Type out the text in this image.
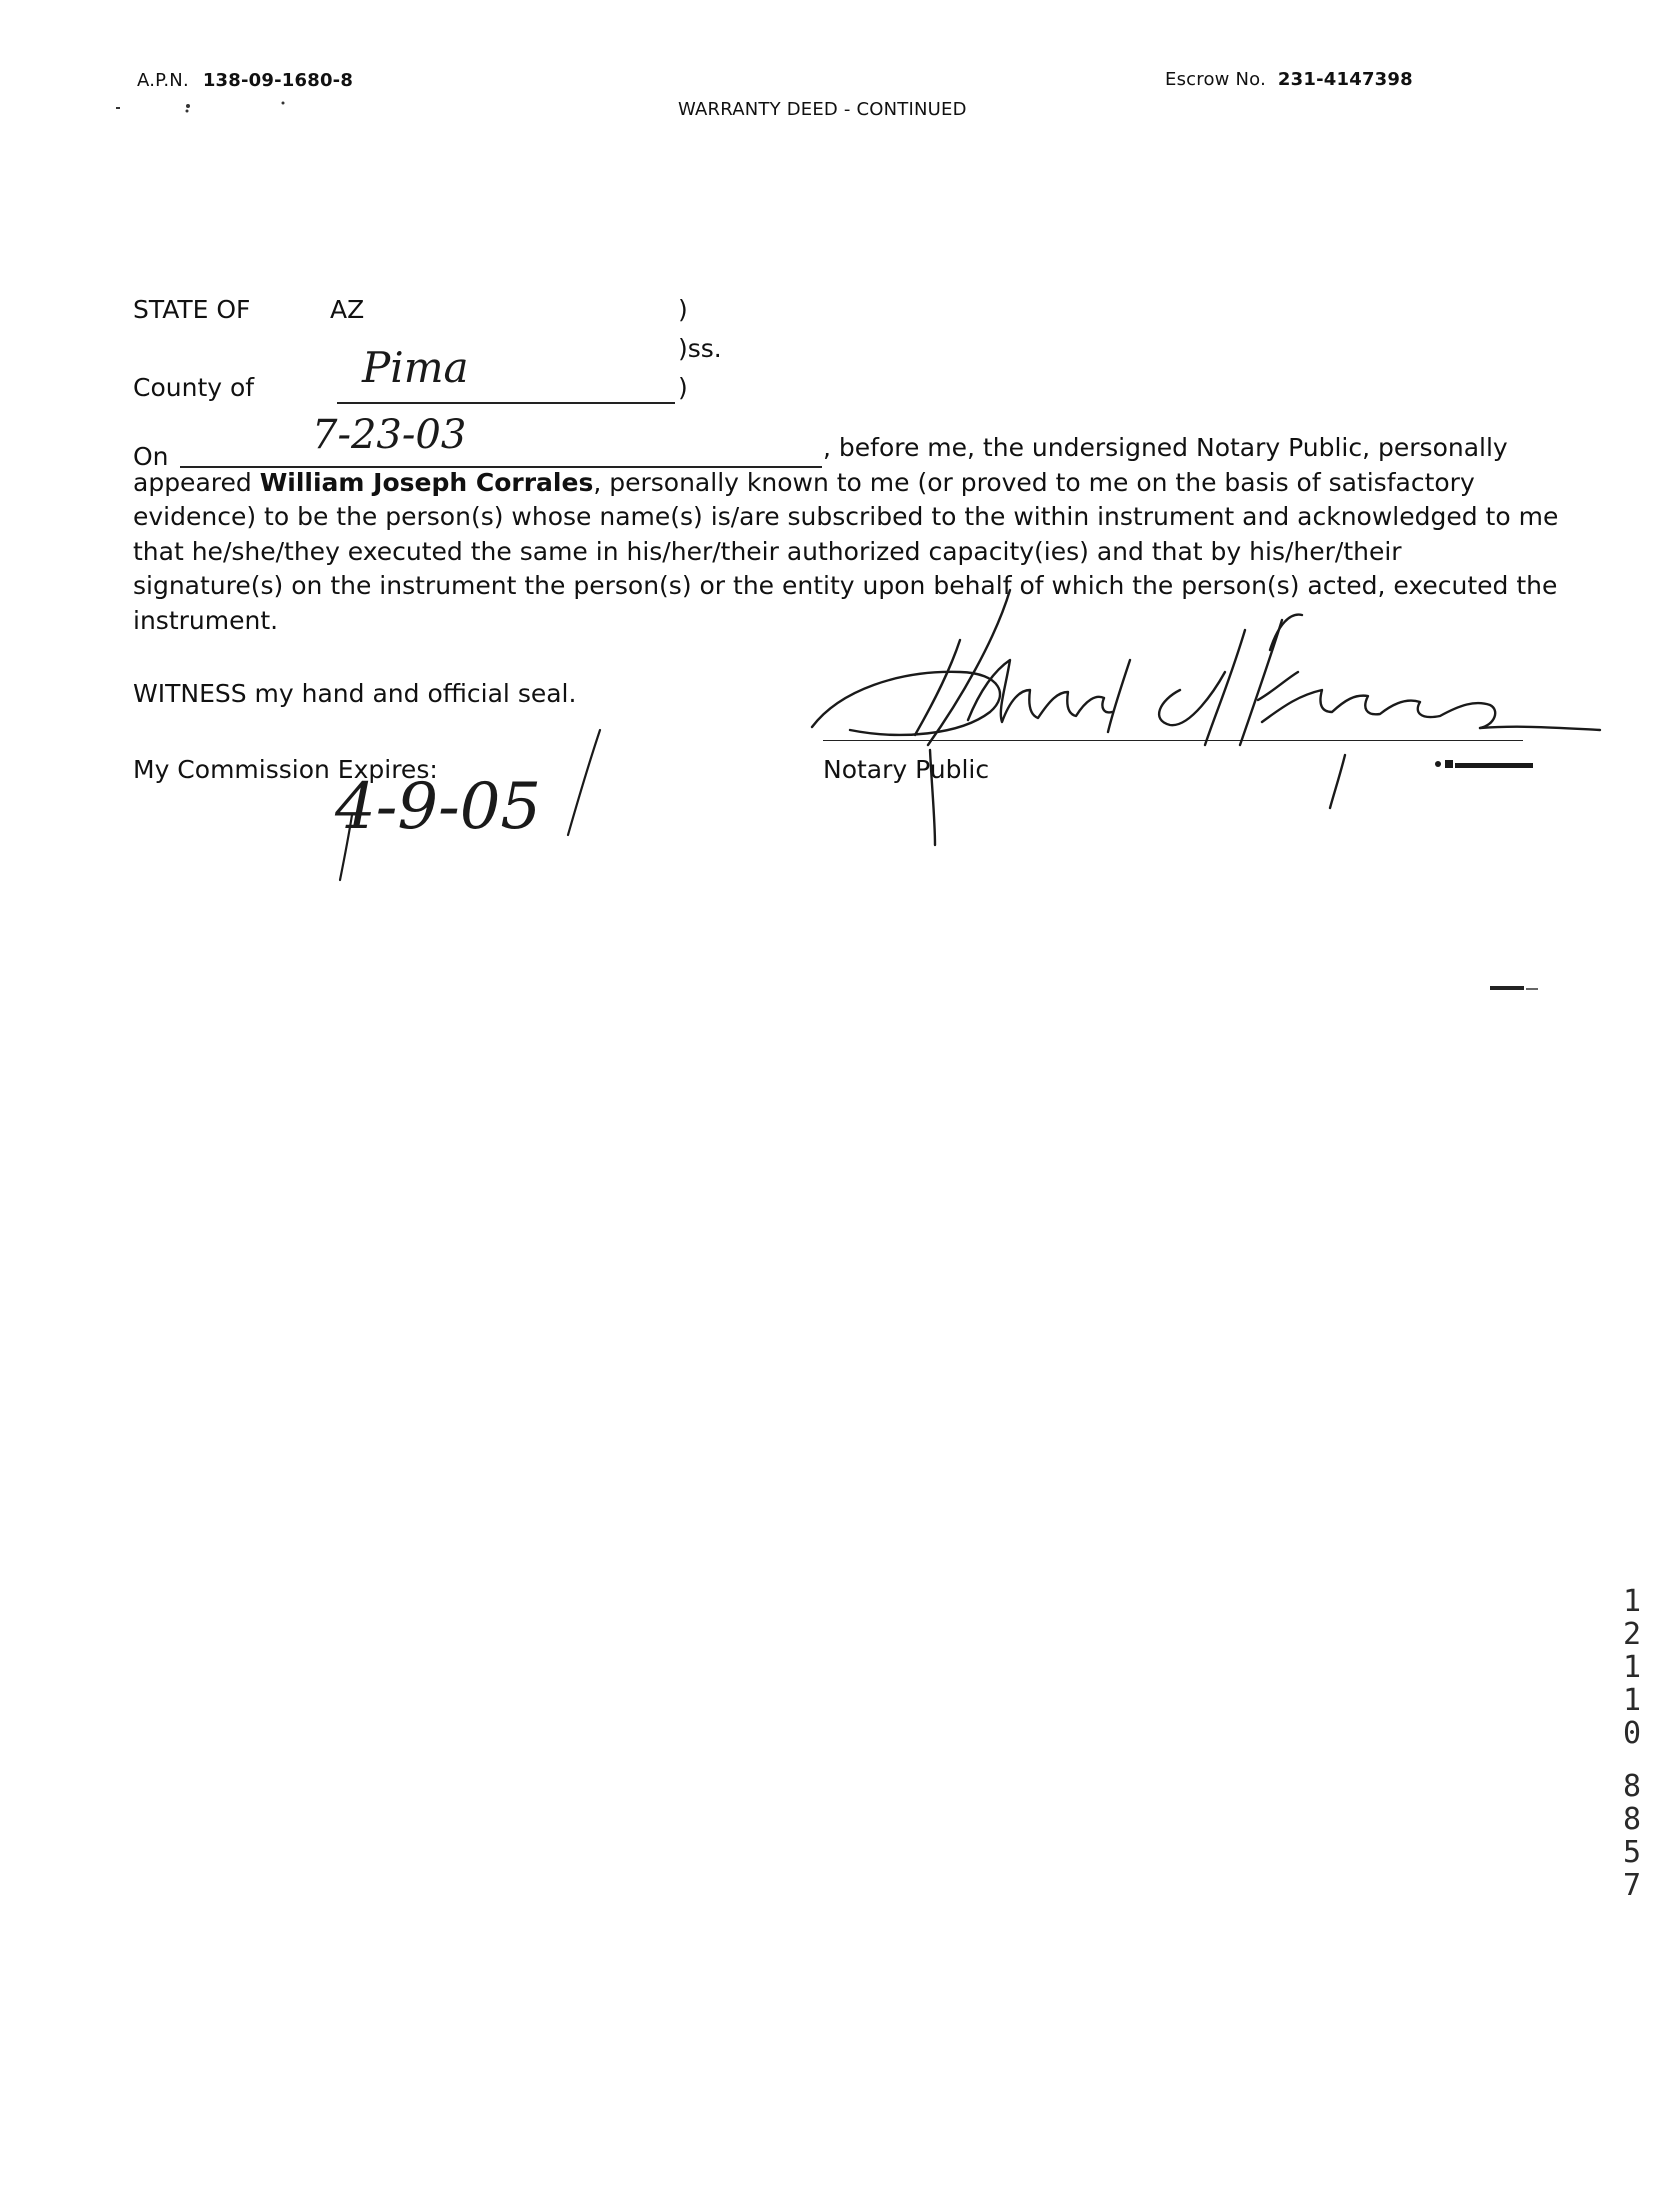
A.P.N. 138-09-1680-8
WARRANTY DEED - CONTINUED
Escrow No. 231-4147398
STATE OF	AZ	)
)ss.
County of	Pima	)
On	7-23-03	, before me, the undersigned Notary Public, personally
appeared William Joseph Corrales, personally known to me (or proved to me on the basis of satisfactory
evidence) to be the person(s) whose name(s) is/are subscribed to the within instrument and acknowledged to me
that he/she/they executed the same in his/her/their authorized capacity(ies) and that by his/her/their
signature(s) on the instrument the person(s) or the entity upon behalf of which the person(s) acted, executed the
instrument.
WITNESS my hand and official seal.
My Commission Expires:
4-9-05
Notary Public
1
2
1
1
0
8
8
5
7
